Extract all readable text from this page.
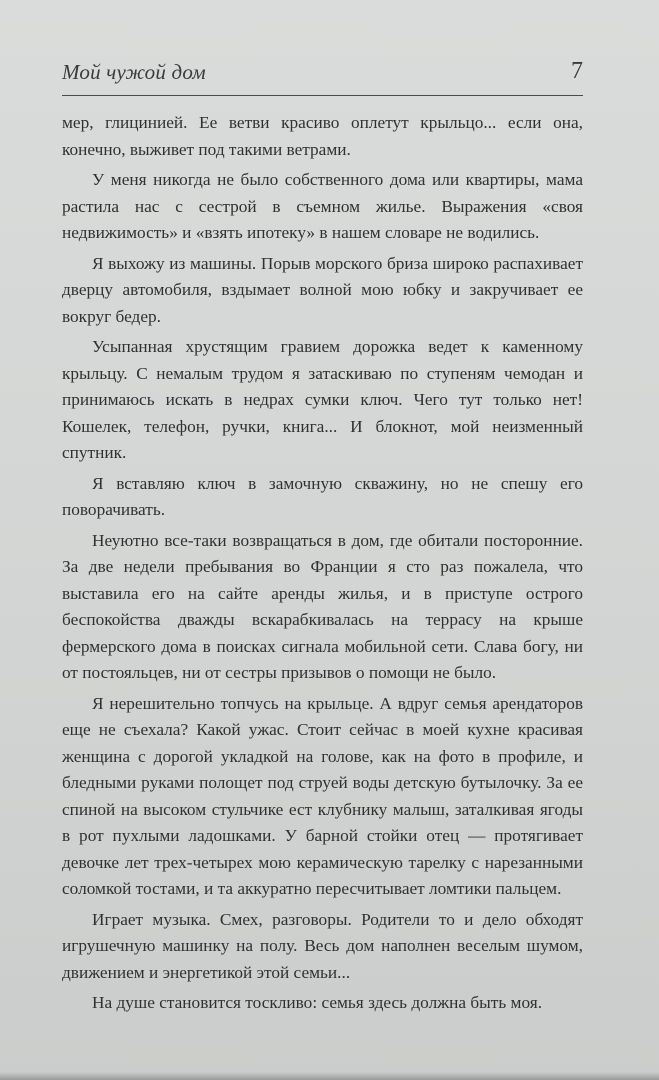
Мой чужой дом	7

мер, глицинией. Ее ветви красиво оплетут крыльцо... если она, конечно, выживет под такими ветрами.

У меня никогда не было собственного дома или квартиры, мама растила нас с сестрой в съемном жилье. Выражения «своя недвижимость» и «взять ипотеку» в нашем словаре не водились.

Я выхожу из машины. Порыв морского бриза широко распахивает дверцу автомобиля, вздымает волной мою юбку и закручивает ее вокруг бедер.

Усыпанная хрустящим гравием дорожка ведет к каменному крыльцу. С немалым трудом я затаскиваю по ступеням чемодан и принимаюсь искать в недрах сумки ключ. Чего тут только нет! Кошелек, телефон, ручки, книга... И блокнот, мой неизменный спутник.

Я вставляю ключ в замочную скважину, но не спешу его поворачивать.

Неуютно все-таки возвращаться в дом, где обитали посторонние. За две недели пребывания во Франции я сто раз пожалела, что выставила его на сайте аренды жилья, и в приступе острого беспокойства дважды вскарабкивалась на террасу на крыше фермерского дома в поисках сигнала мобильной сети. Слава богу, ни от постояльцев, ни от сестры призывов о помощи не было.

Я нерешительно топчусь на крыльце. А вдруг семья арендаторов еще не съехала? Какой ужас. Стоит сейчас в моей кухне красивая женщина с дорогой укладкой на голове, как на фото в профиле, и бледными руками полощет под струей воды детскую бутылочку. За ее спиной на высоком стульчике ест клубнику малыш, заталкивая ягоды в рот пухлыми ладошками. У барной стойки отец — протягивает девочке лет трех-четырех мою керамическую тарелку с нарезанными соломкой тостами, и та аккуратно пересчитывает ломтики пальцем.

Играет музыка. Смех, разговоры. Родители то и дело обходят игрушечную машинку на полу. Весь дом наполнен веселым шумом, движением и энергетикой этой семьи...

На душе становится тоскливо: семья здесь должна быть моя.
